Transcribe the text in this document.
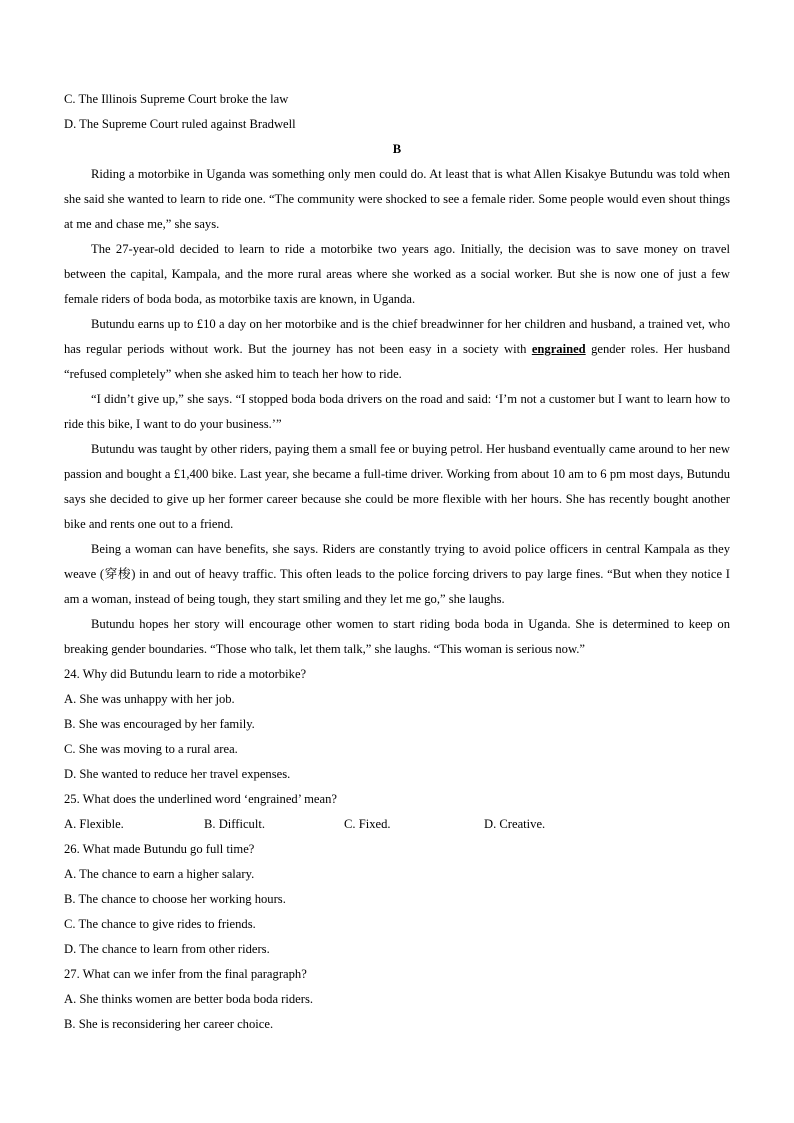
C. The Illinois Supreme Court broke the law
D. The Supreme Court ruled against Bradwell
B

Riding a motorbike in Uganda was something only men could do. At least that is what Allen Kisakye Butundu was told when she said she wanted to learn to ride one. “The community were shocked to see a female rider. Some people would even shout things at me and chase me,” she says.

The 27-year-old decided to learn to ride a motorbike two years ago. Initially, the decision was to save money on travel between the capital, Kampala, and the more rural areas where she worked as a social worker. But she is now one of just a few female riders of boda boda, as motorbike taxis are known, in Uganda.

Butundu earns up to £10 a day on her motorbike and is the chief breadwinner for her children and husband, a trained vet, who has regular periods without work. But the journey has not been easy in a society with engrained gender roles. Her husband “refused completely” when she asked him to teach her how to ride.

“I didn’t give up,” she says. “I stopped boda boda drivers on the road and said: ‘I’m not a customer but I want to learn how to ride this bike, I want to do your business.’”

Butundu was taught by other riders, paying them a small fee or buying petrol. Her husband eventually came around to her new passion and bought a £1,400 bike. Last year, she became a full-time driver. Working from about 10 am to 6 pm most days, Butundu says she decided to give up her former career because she could be more flexible with her hours. She has recently bought another bike and rents one out to a friend.

Being a woman can have benefits, she says. Riders are constantly trying to avoid police officers in central Kampala as they weave (穿梭) in and out of heavy traffic. This often leads to the police forcing drivers to pay large fines. “But when they notice I am a woman, instead of being tough, they start smiling and they let me go,” she laughs.

Butundu hopes her story will encourage other women to start riding boda boda in Uganda. She is determined to keep on breaking gender boundaries. “Those who talk, let them talk,” she laughs. “This woman is serious now.”

24. Why did Butundu learn to ride a motorbike?
A. She was unhappy with her job.
B. She was encouraged by her family.
C. She was moving to a rural area.
D. She wanted to reduce her travel expenses.
25. What does the underlined word ‘engrained’ mean?
A. Flexible.	B. Difficult.	C. Fixed.	D. Creative.
26. What made Butundu go full time?
A. The chance to earn a higher salary.
B. The chance to choose her working hours.
C. The chance to give rides to friends.
D. The chance to learn from other riders.
27. What can we infer from the final paragraph?
A. She thinks women are better boda boda riders.
B. She is reconsidering her career choice.
